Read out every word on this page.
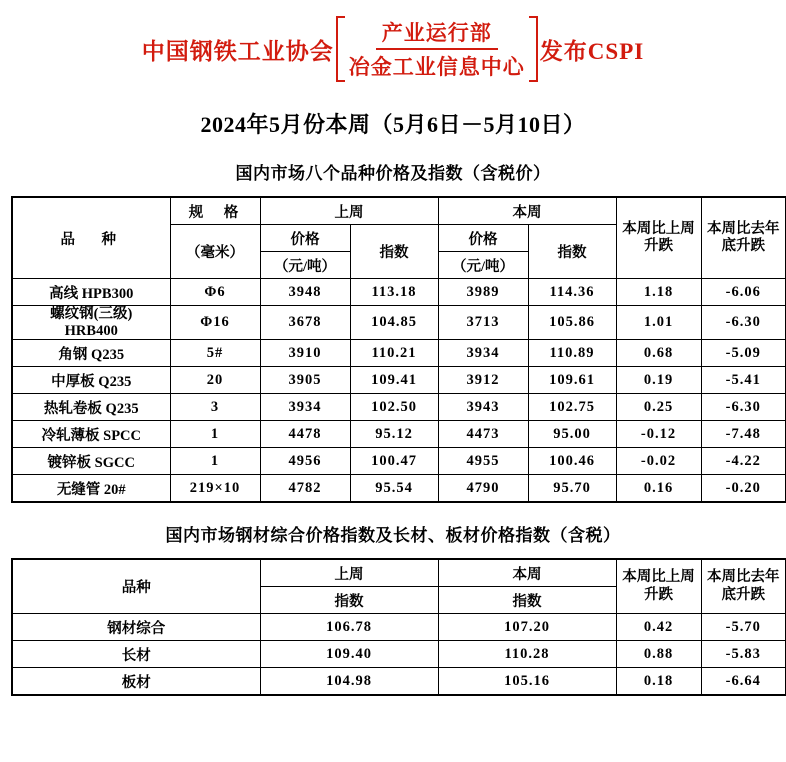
中国钢铁工业协会
产业运行部
冶金工业信息中心
发布CSPI
2024年5月份本周（5月6日－5月10日）
国内市场八个品种价格及指数（含税价）
品　种	规　格	上周		本周		本周比上周升跌	本周比去年底升跌
	（毫米）	价格	指数	价格	指数		
		（元/吨）		（元/吨）			
高线 HPB300	Φ6	3948	113.18	3989	114.36	1.18	-6.06

螺纹钢(三级)
HRB400	Φ16	3678	104.85	3713	105.86	1.01	-6.30
角钢 Q235	5#	3910	110.21	3934	110.89	0.68	-5.09
中厚板 Q235	20	3905	109.41	3912	109.61	0.19	-5.41
热轧卷板 Q235	3	3934	102.50	3943	102.75	0.25	-6.30
冷轧薄板 SPCC	1	4478	95.12	4473	95.00	-0.12	-7.48
镀锌板 SGCC	1	4956	100.47	4955	100.46	-0.02	-4.22
无缝管 20#	219×10	4782	95.54	4790	95.70	0.16	-0.20
国内市场钢材综合价格指数及长材、板材价格指数（含税）
品种	上周	本周	本周比上周升跌	本周比去年底升跌
	指数	指数		
钢材综合	106.78	107.20	0.42	-5.70
长材	109.40	110.28	0.88	-5.83
板材	104.98	105.16	0.18	-6.64
